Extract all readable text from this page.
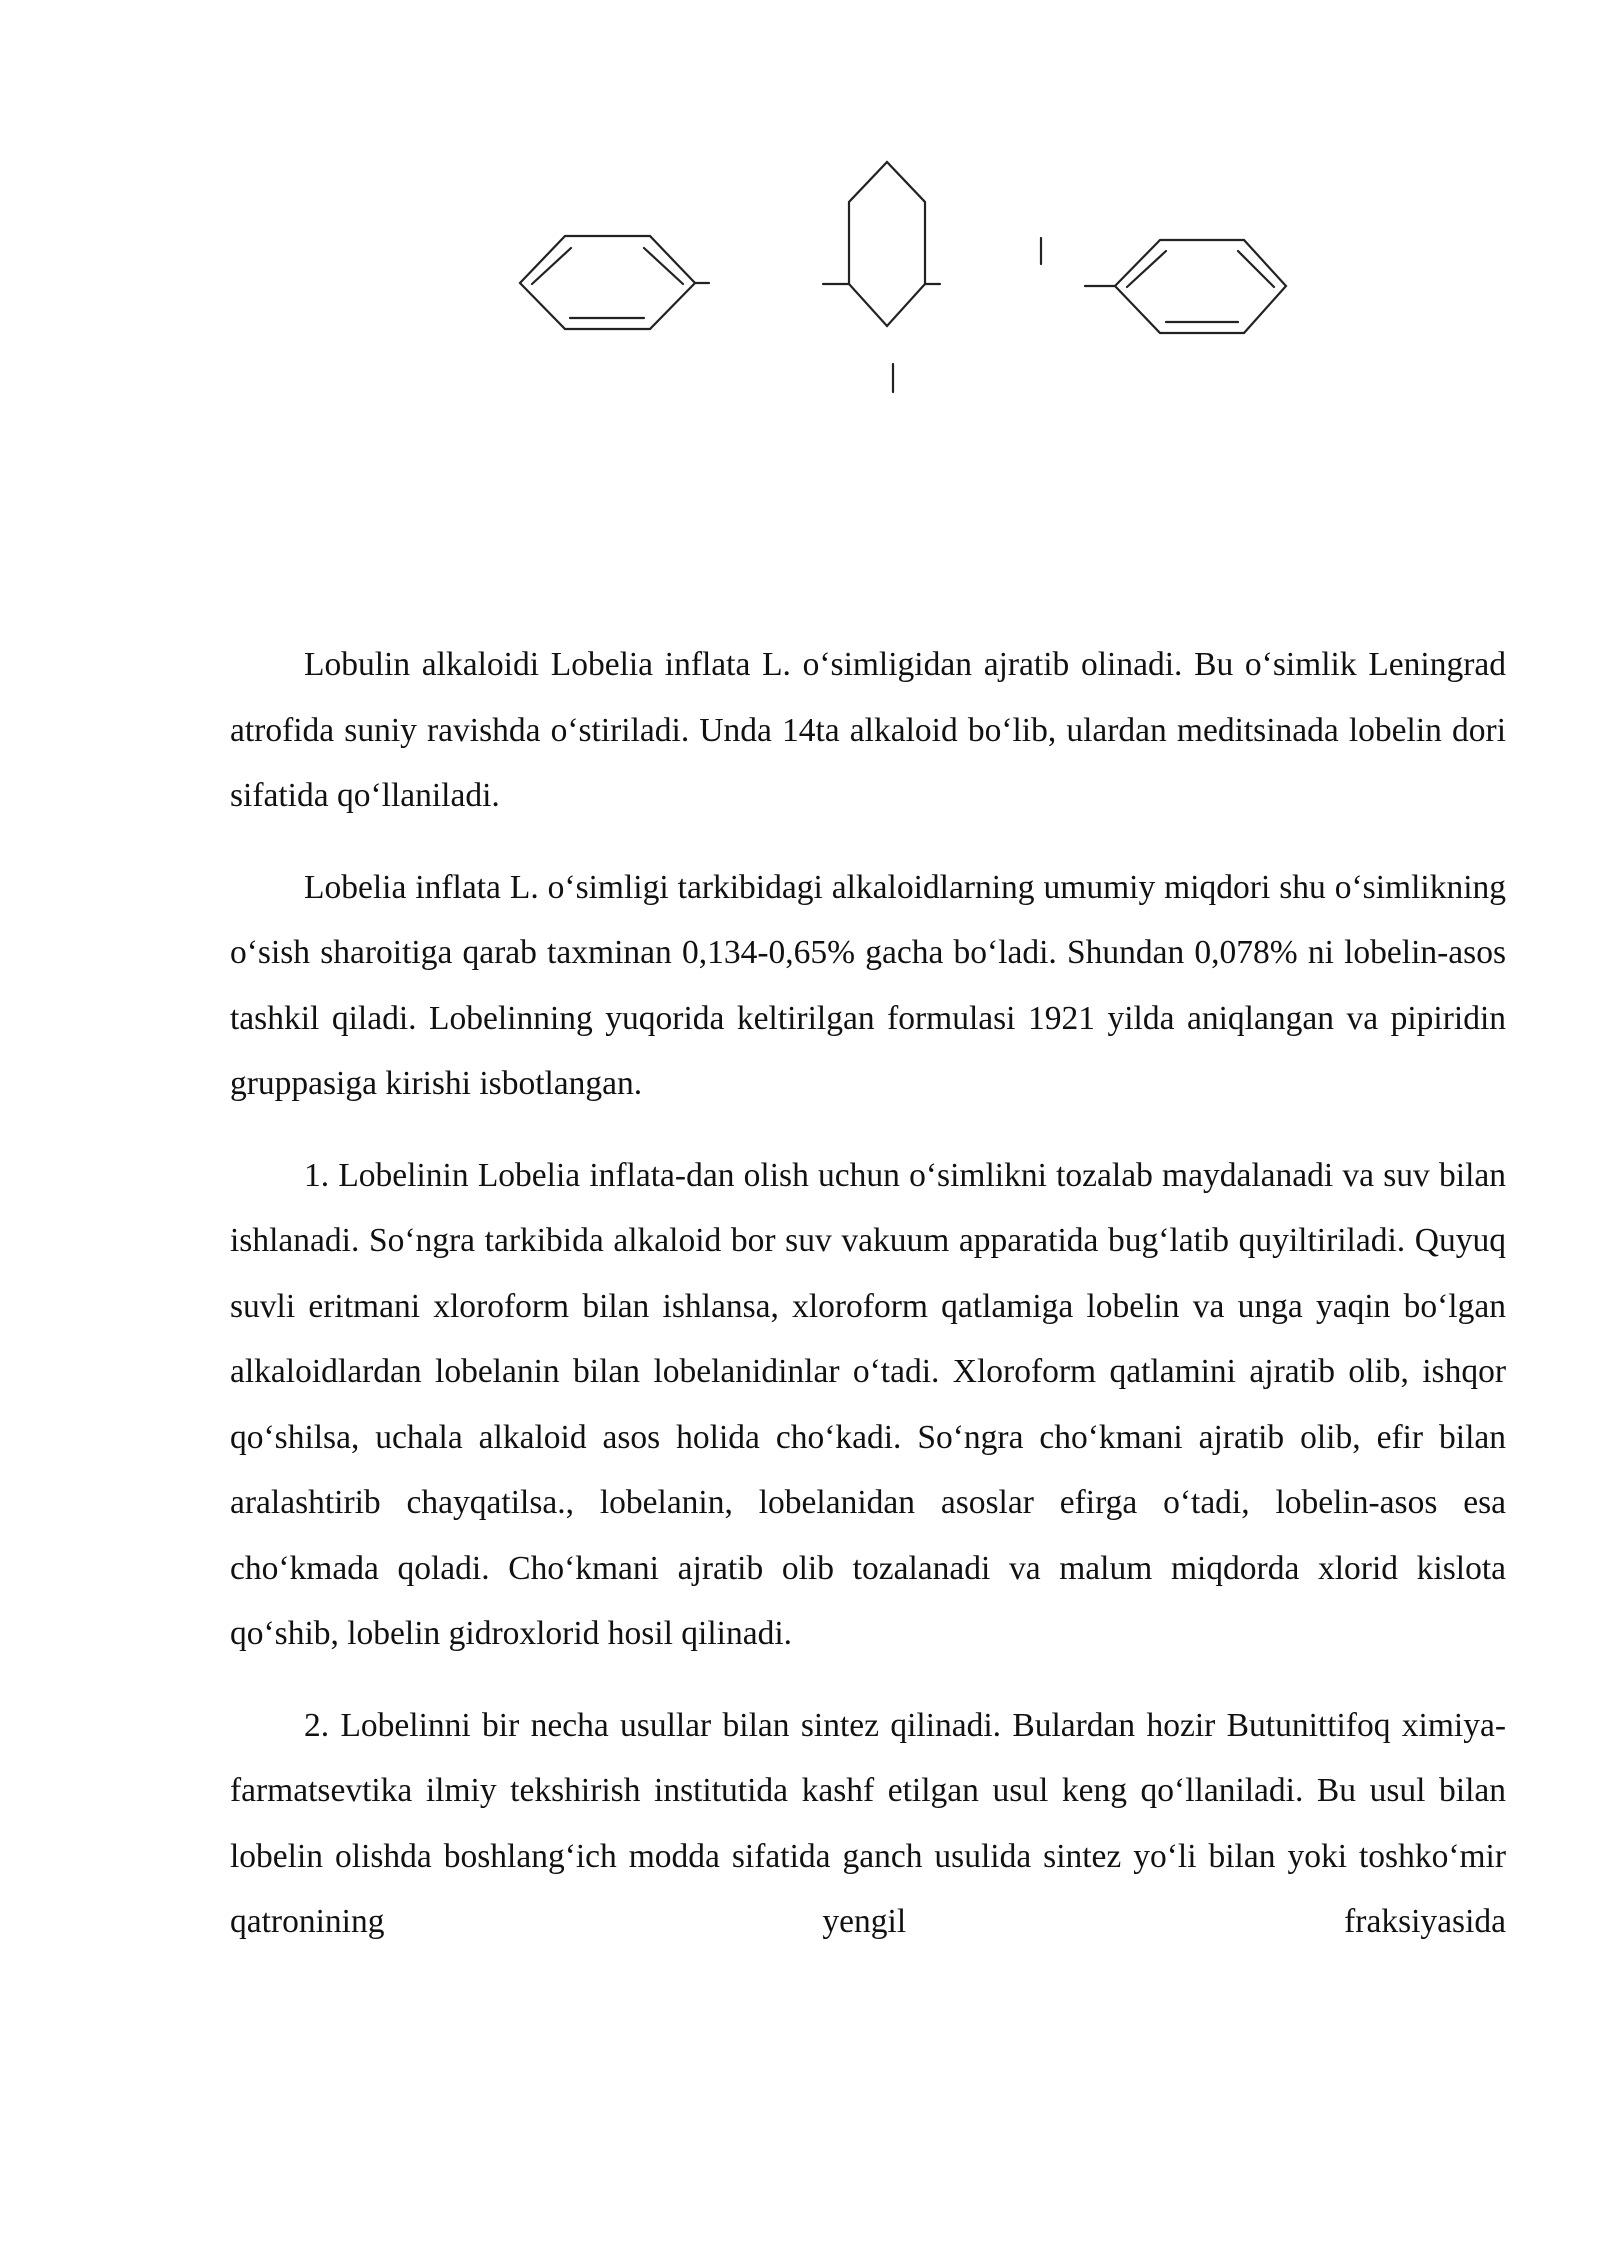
Lobulin alkaloidi Lobelia inflata L. o‘simligidan ajratib olinadi. Bu o‘simlik Leningrad atrofida suniy ravishda o‘stiriladi. Unda 14ta alkaloid bo‘lib, ulardan meditsinada lobelin dori sifatida qo‘llaniladi.

Lobelia inflata L. o‘simligi tarkibidagi alkaloidlarning umumiy miqdori shu o‘simlikning o‘sish sharoitiga qarab taxminan 0,134-0,65% gacha bo‘ladi. Shundan 0,078% ni lobelin-asos tashkil qiladi. Lobelinning yuqorida keltirilgan formulasi 1921 yilda aniqlangan va pipiridin gruppasiga kirishi isbotlangan.

1. Lobelinin Lobelia inflata-dan olish uchun o‘simlikni tozalab maydalanadi va suv bilan ishlanadi. So‘ngra tarkibida alkaloid bor suv vakuum apparatida bug‘latib quyiltiriladi. Quyuq suvli eritmani xloroform bilan ishlansa, xloroform qatlamiga lobelin va unga yaqin bo‘lgan alkaloidlardan lobelanin bilan lobelanidinlar o‘tadi. Xloroform qatlamini ajratib olib, ishqor qo‘shilsa, uchala alkaloid asos holida cho‘kadi. So‘ngra cho‘kmani ajratib olib, efir bilan aralashtirib chayqatilsa., lobelanin, lobelanidan asoslar efirga o‘tadi, lobelin-asos esa cho‘kmada qoladi. Cho‘kmani ajratib olib tozalanadi va malum miqdorda xlorid kislota qo‘shib, lobelin gidroxlorid hosil qilinadi.

2. Lobelinni bir necha usullar bilan sintez qilinadi. Bulardan hozir Butunittifoq ximiya-farmatsevtika ilmiy tekshirish institutida kashf etilgan usul keng qo‘llaniladi. Bu usul bilan lobelin olishda boshlang‘ich modda sifatida ganch usulida sintez yo‘li bilan yoki toshko‘mir qatronining yengil fraksiyasida
